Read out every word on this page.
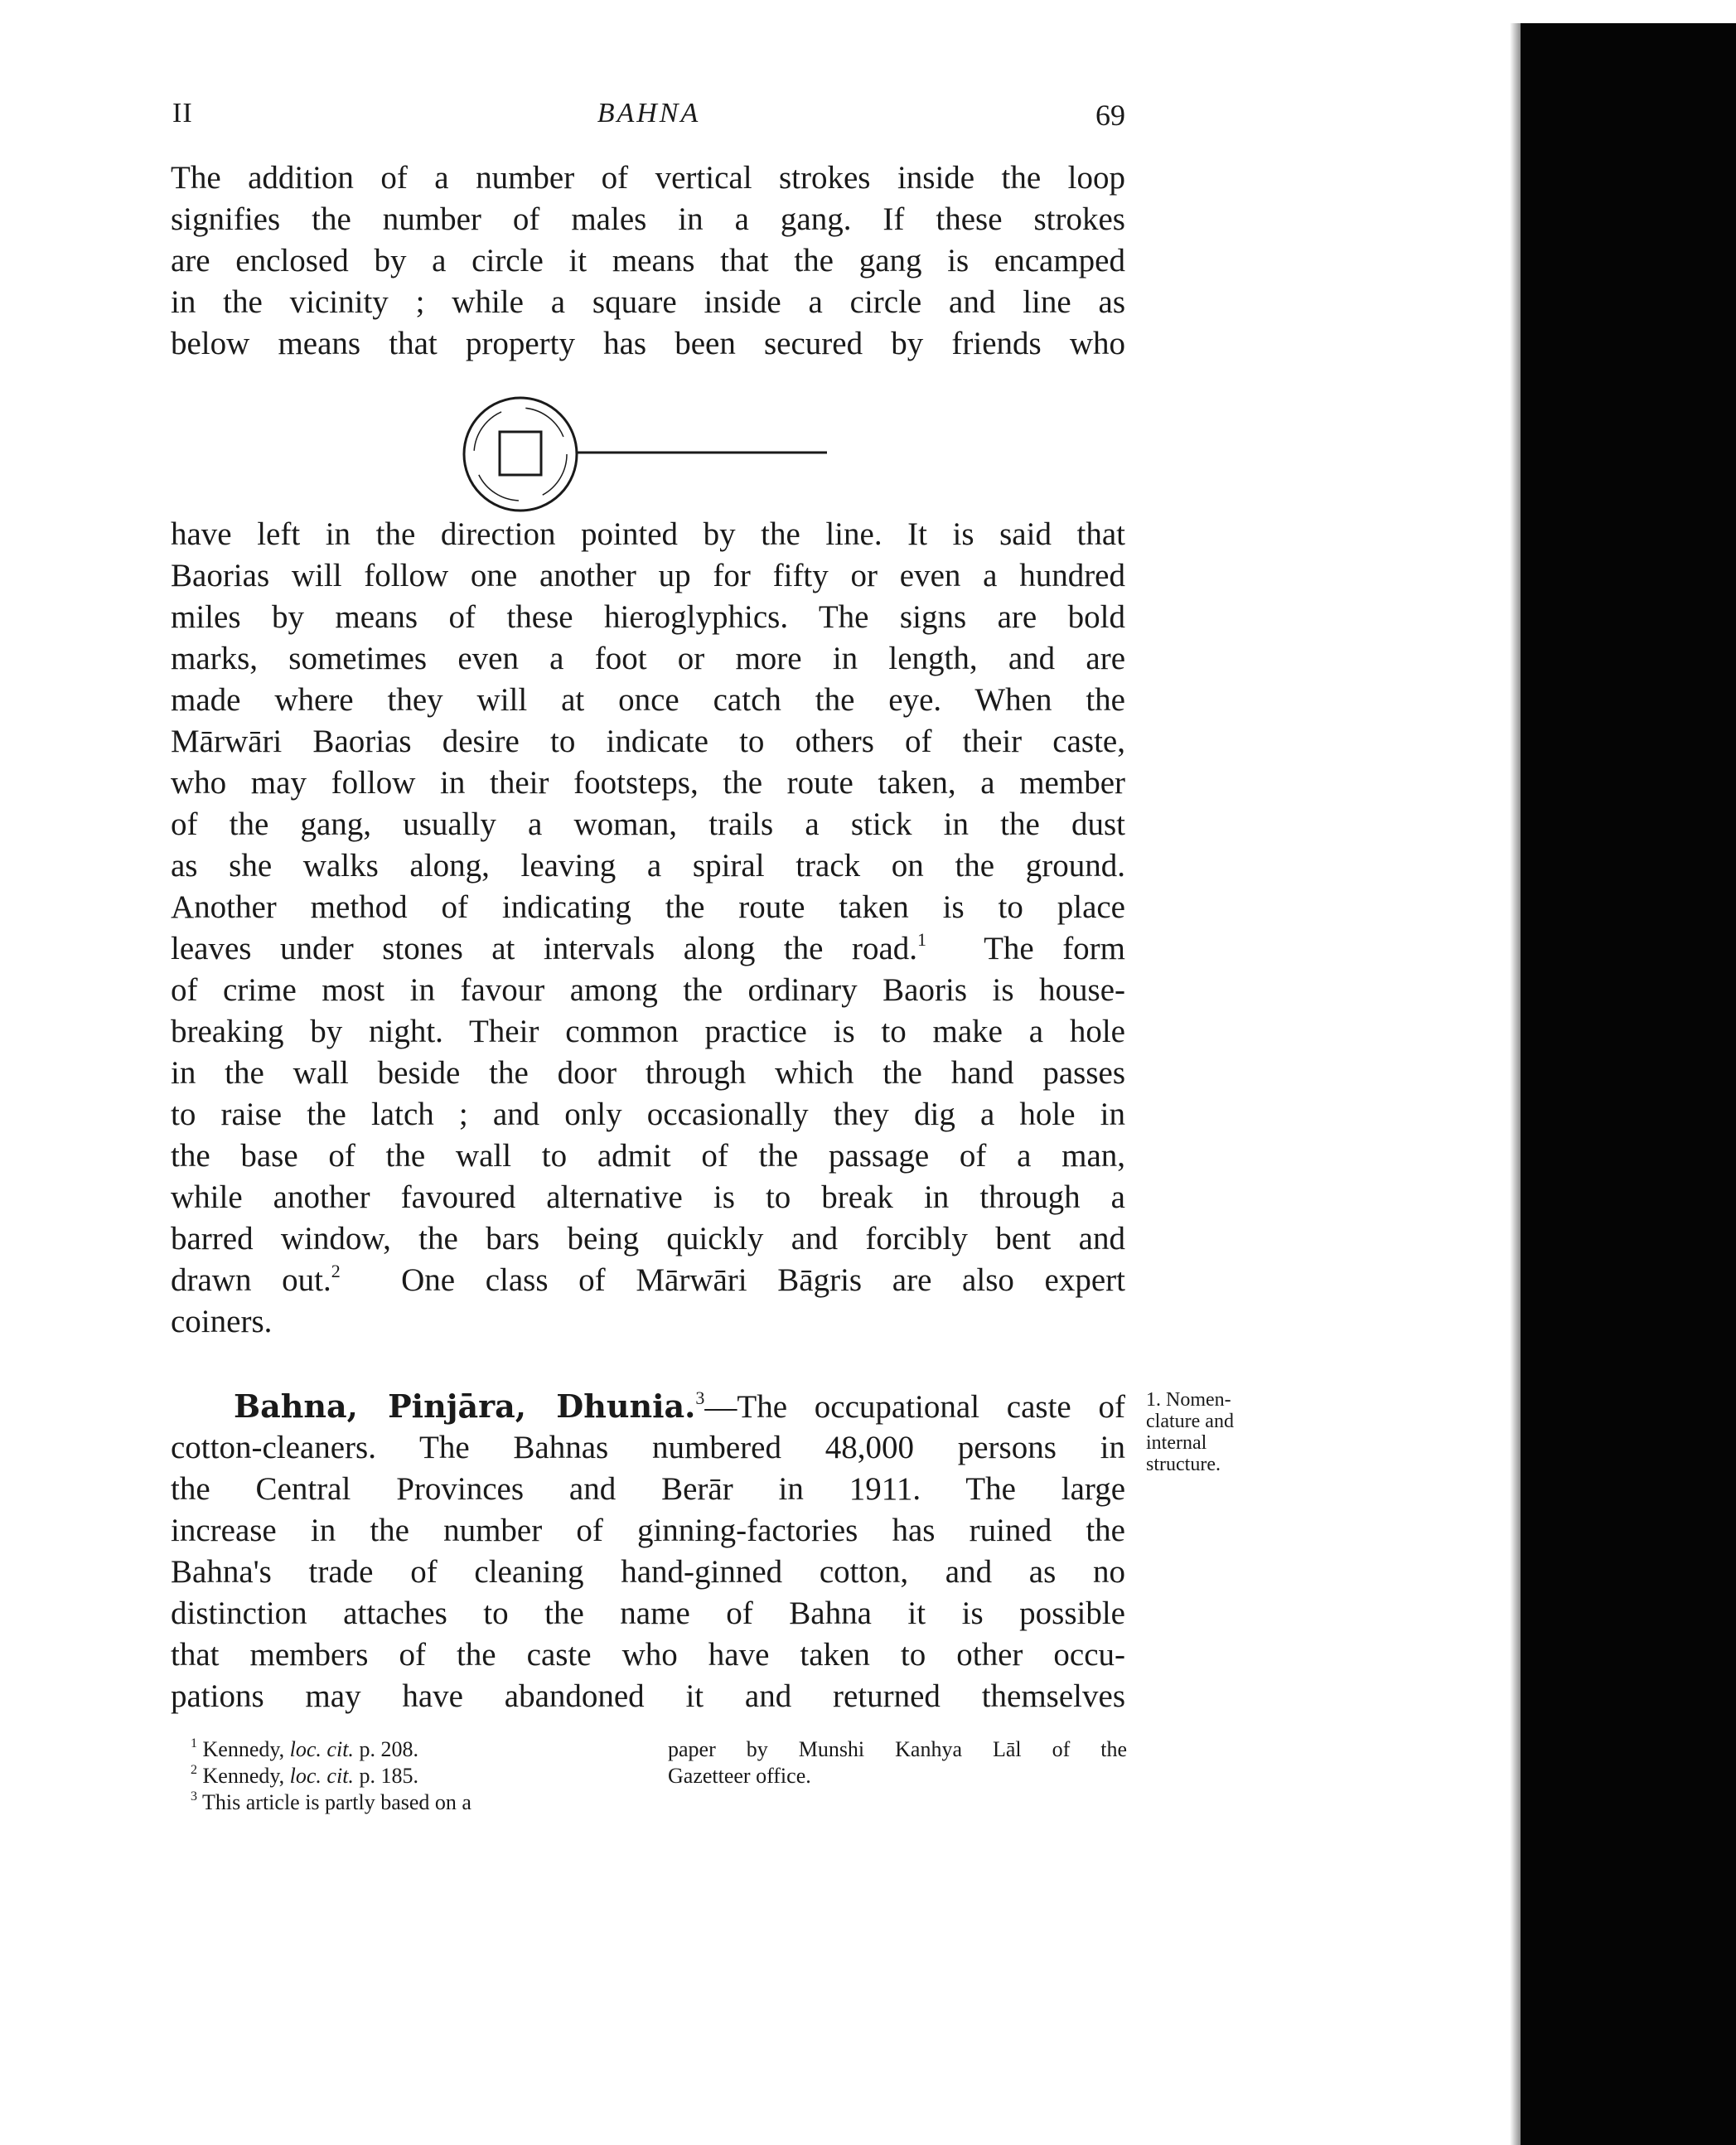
II	BAHNA	69
The addition of a number of vertical strokes inside the loop
signifies the number of males in a gang. If these strokes
are enclosed by a circle it means that the gang is encamped
in the vicinity ; while a square inside a circle and line as
below means that property has been secured by friends who
have left in the direction pointed by the line. It is said that
Baorias will follow one another up for fifty or even a hundred
miles by means of these hieroglyphics. The signs are bold
marks, sometimes even a foot or more in length, and are
made where they will at once catch the eye. When the
Mārwāri Baorias desire to indicate to others of their caste,
who may follow in their footsteps, the route taken, a member
of the gang, usually a woman, trails a stick in the dust
as she walks along, leaving a spiral track on the ground.
Another method of indicating the route taken is to place
leaves under stones at intervals along the road.$^1$ The form
of crime most in favour among the ordinary Baoris is house-
breaking by night. Their common practice is to make a hole
in the wall beside the door through which the hand passes
to raise the latch ; and only occasionally they dig a hole in
the base of the wall to admit of the passage of a man,
while another favoured alternative is to break in through a
barred window, the bars being quickly and forcibly bent and
drawn out.$^2$ One class of Mārwāri Bāgris are also expert
coiners.
Bahna, Pinjāra, Dhunia.$^3$—The occupational caste of
cotton-cleaners. The Bahnas numbered 48,000 persons in
the Central Provinces and Berār in 1911. The large
increase in the number of ginning-factories has ruined the
Bahna's trade of cleaning hand-ginned cotton, and as no
distinction attaches to the name of Bahna it is possible
that members of the caste who have taken to other occu-
pations may have abandoned it and returned themselves
1. Nomen-
clature and
internal
structure.
$^1$ Kennedy, loc. cit. p. 208.
$^2$ Kennedy, loc. cit. p. 185.
$^3$ This article is partly based on a
paper by Munshi Kanhya Lāl of the
Gazetteer office.
